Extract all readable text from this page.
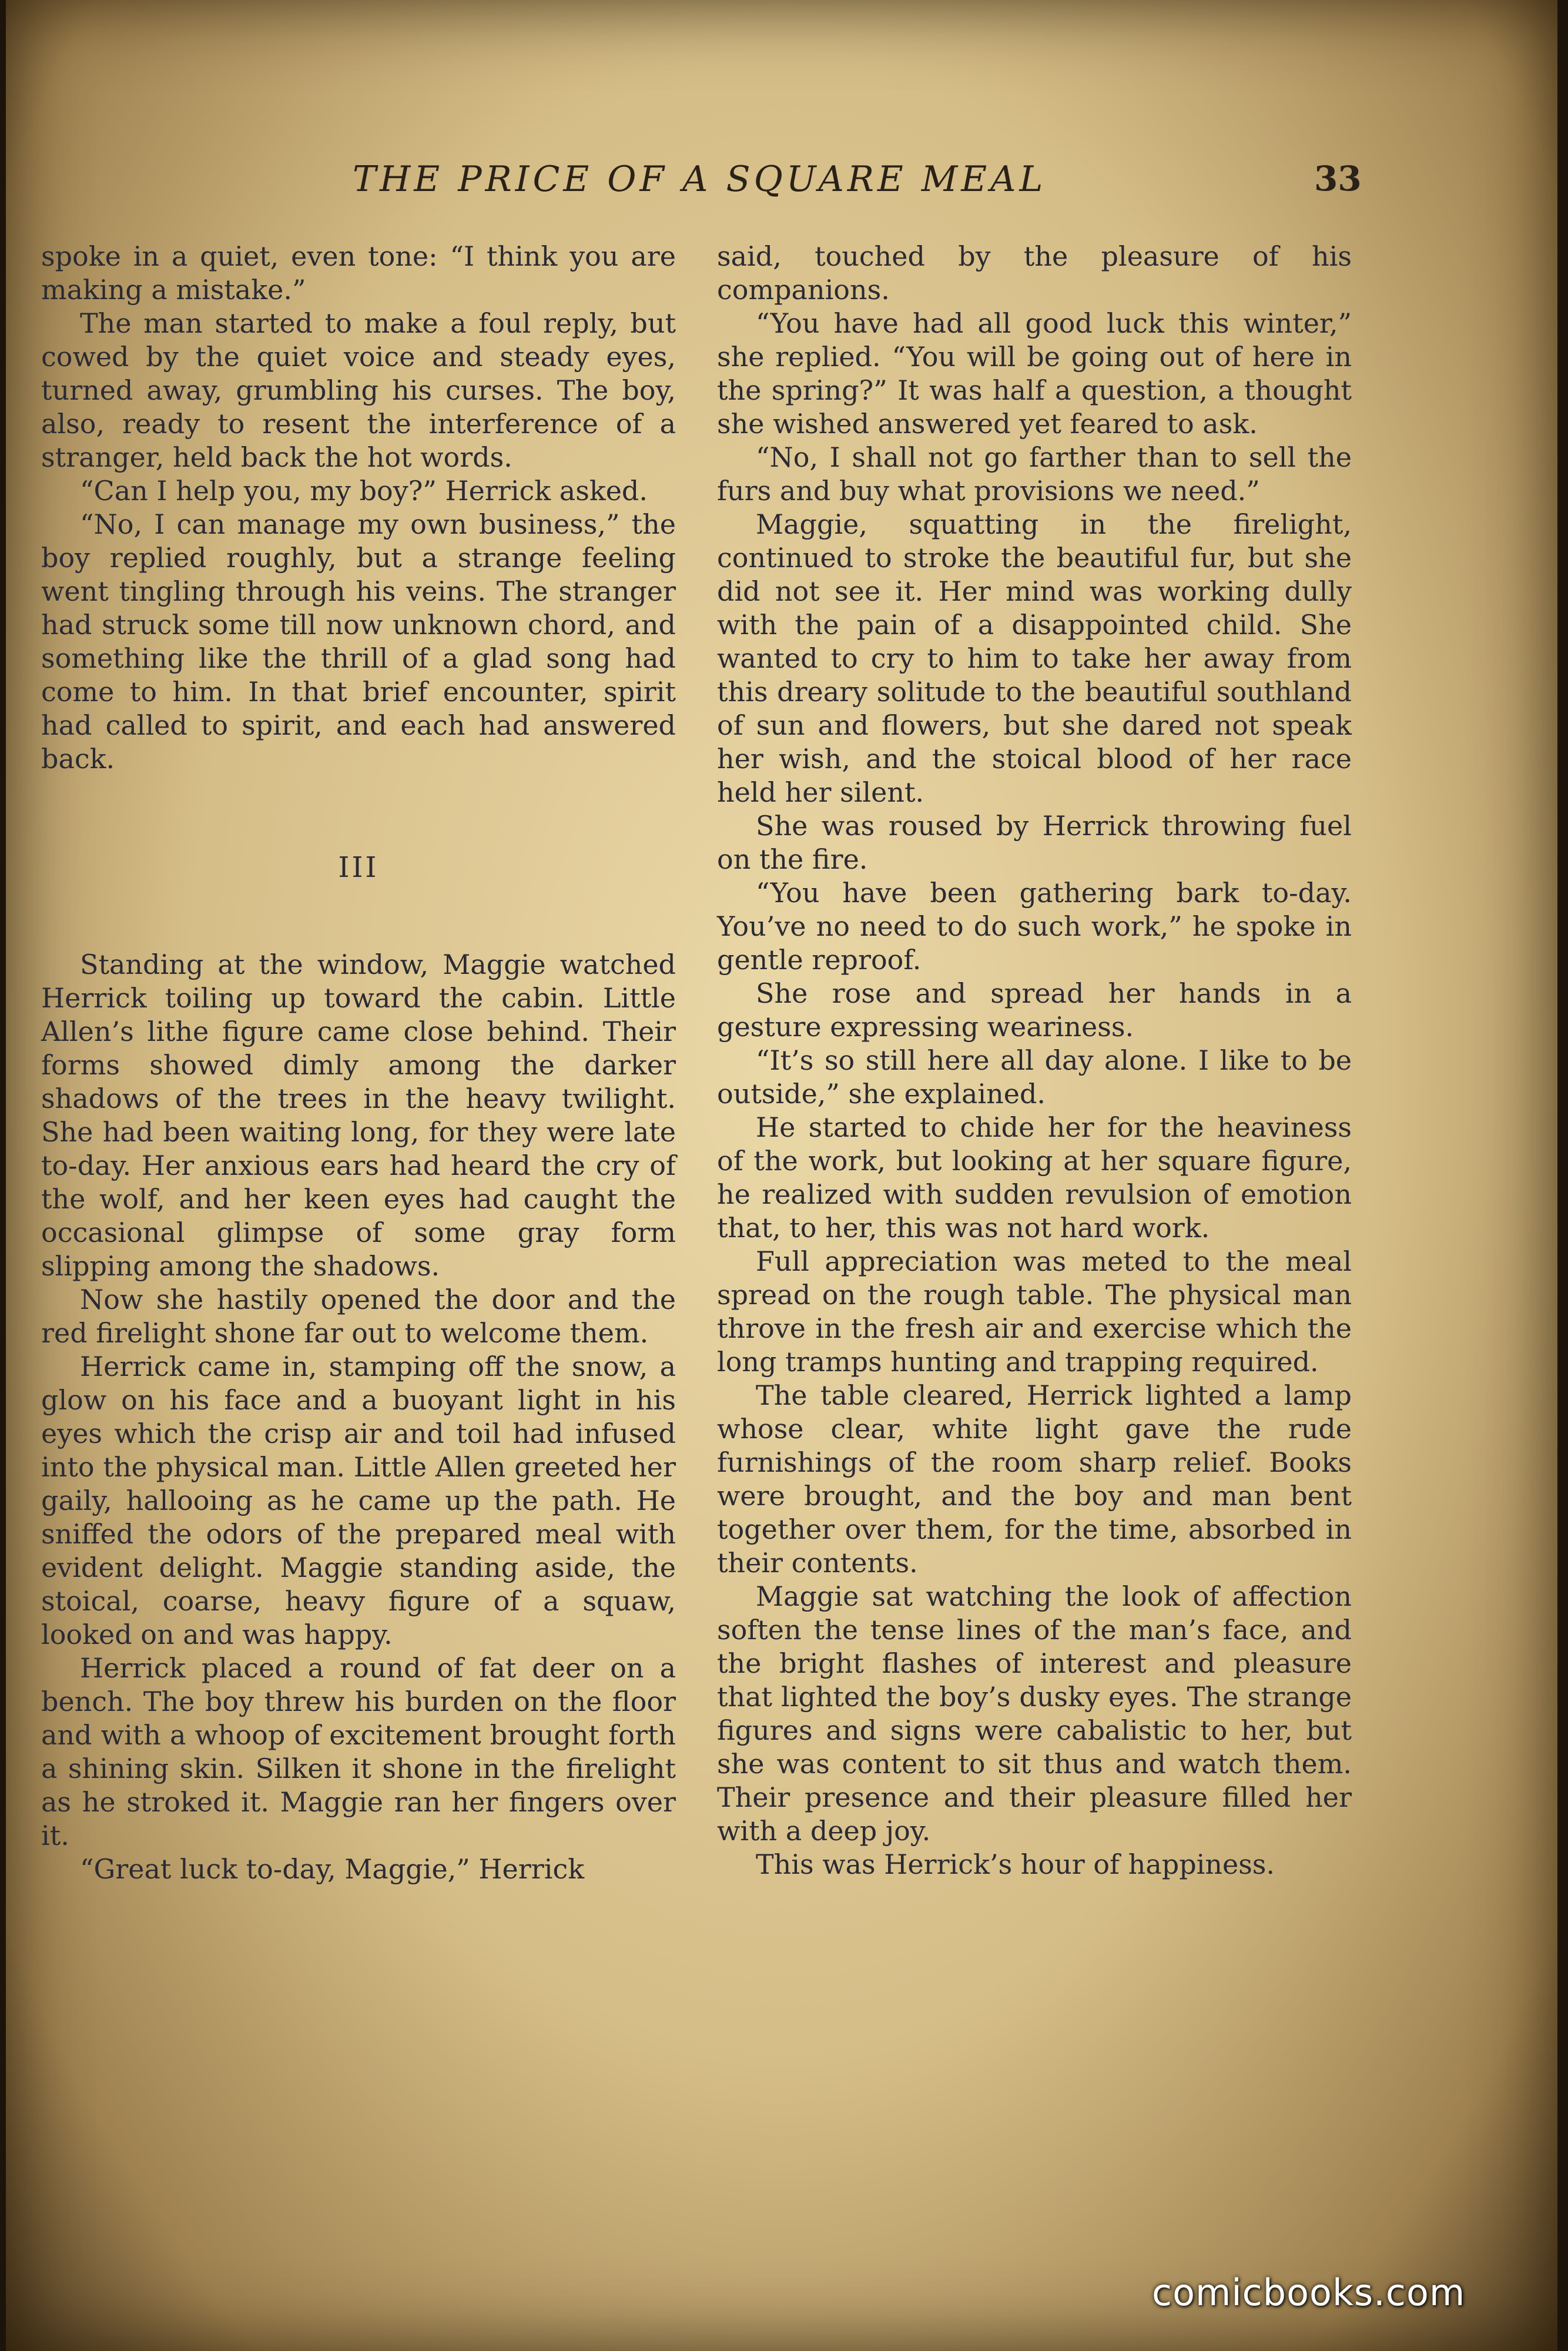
THE PRICE OF A SQUARE MEAL	33

spoke in a quiet, even tone: “I think you are making a mistake.”

The man started to make a foul reply, but cowed by the quiet voice and steady eyes, turned away, grumbling his curses. The boy, also, ready to resent the interference of a stranger, held back the hot words.

“Can I help you, my boy?” Herrick asked.

“No, I can manage my own business,” the boy replied roughly, but a strange feeling went tingling through his veins. The stranger had struck some till now unknown chord, and something like the thrill of a glad song had come to him. In that brief encounter, spirit had called to spirit, and each had answered back.

III

Standing at the window, Maggie watched Herrick toiling up toward the cabin. Little Allen’s lithe figure came close behind. Their forms showed dimly among the darker shadows of the trees in the heavy twilight. She had been waiting long, for they were late to-day. Her anxious ears had heard the cry of the wolf, and her keen eyes had caught the occasional glimpse of some gray form slipping among the shadows.

Now she hastily opened the door and the red firelight shone far out to welcome them.

Herrick came in, stamping off the snow, a glow on his face and a buoyant light in his eyes which the crisp air and toil had infused into the physical man. Little Allen greeted her gaily, hallooing as he came up the path. He sniffed the odors of the prepared meal with evident delight. Maggie standing aside, the stoical, coarse, heavy figure of a squaw, looked on and was happy.

Herrick placed a round of fat deer on a bench. The boy threw his burden on the floor and with a whoop of excitement brought forth a shining skin. Silken it shone in the firelight as he stroked it. Maggie ran her fingers over it.

“Great luck to-day, Maggie,” Herrick

said, touched by the pleasure of his companions.

“You have had all good luck this winter,” she replied. “You will be going out of here in the spring?” It was half a question, a thought she wished answered yet feared to ask.

“No, I shall not go farther than to sell the furs and buy what provisions we need.”

Maggie, squatting in the firelight, continued to stroke the beautiful fur, but she did not see it. Her mind was working dully with the pain of a disappointed child. She wanted to cry to him to take her away from this dreary solitude to the beautiful southland of sun and flowers, but she dared not speak her wish, and the stoical blood of her race held her silent.

She was roused by Herrick throwing fuel on the fire.

“You have been gathering bark to-day. You’ve no need to do such work,” he spoke in gentle reproof.

She rose and spread her hands in a gesture expressing weariness.

“It’s so still here all day alone. I like to be outside,” she explained.

He started to chide her for the heaviness of the work, but looking at her square figure, he realized with sudden revulsion of emotion that, to her, this was not hard work.

Full appreciation was meted to the meal spread on the rough table. The physical man throve in the fresh air and exercise which the long tramps hunting and trapping required.

The table cleared, Herrick lighted a lamp whose clear, white light gave the rude furnishings of the room sharp relief. Books were brought, and the boy and man bent together over them, for the time, absorbed in their contents.

Maggie sat watching the look of affection soften the tense lines of the man’s face, and the bright flashes of interest and pleasure that lighted the boy’s dusky eyes. The strange figures and signs were cabalistic to her, but she was content to sit thus and watch them. Their presence and their pleasure filled her with a deep joy.

This was Herrick’s hour of happiness.

comicbooks.com
